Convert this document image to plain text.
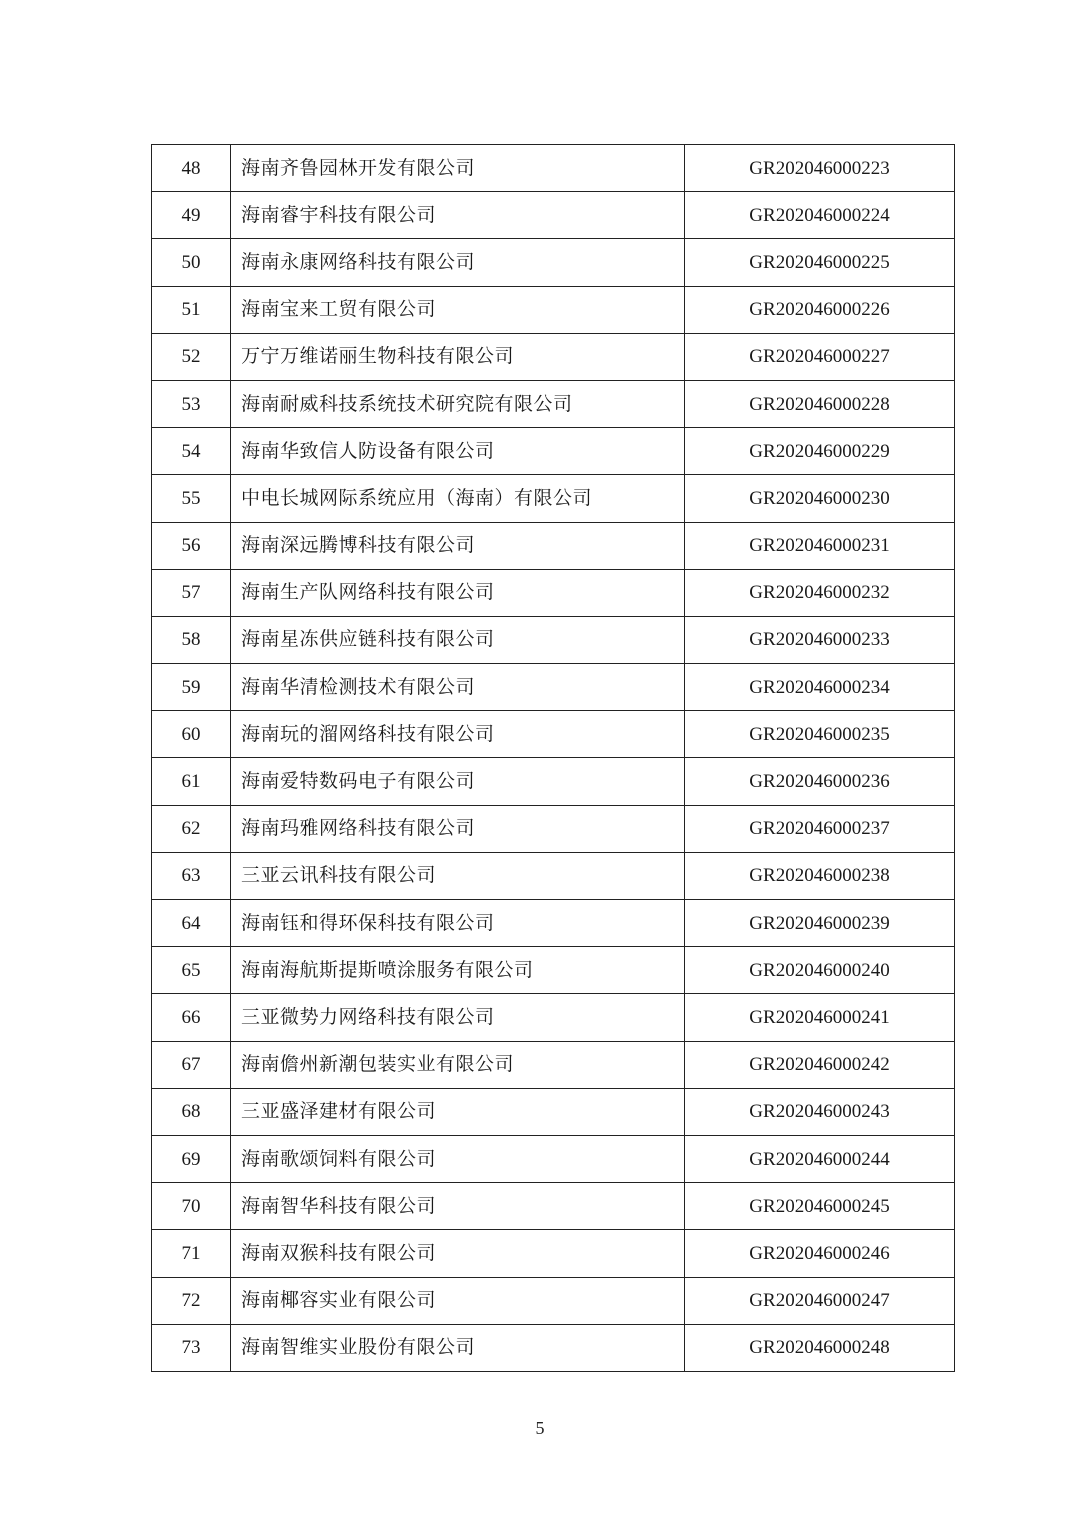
48	海南齐鲁园林开发有限公司	GR202046000223
49	海南睿宇科技有限公司	GR202046000224
50	海南永康网络科技有限公司	GR202046000225
51	海南宝来工贸有限公司	GR202046000226
52	万宁万维诺丽生物科技有限公司	GR202046000227
53	海南耐威科技系统技术研究院有限公司	GR202046000228
54	海南华致信人防设备有限公司	GR202046000229
55	中电长城网际系统应用（海南）有限公司	GR202046000230
56	海南深远腾博科技有限公司	GR202046000231
57	海南生产队网络科技有限公司	GR202046000232
58	海南星冻供应链科技有限公司	GR202046000233
59	海南华清检测技术有限公司	GR202046000234
60	海南玩的溜网络科技有限公司	GR202046000235
61	海南爱特数码电子有限公司	GR202046000236
62	海南玛雅网络科技有限公司	GR202046000237
63	三亚云讯科技有限公司	GR202046000238
64	海南钰和得环保科技有限公司	GR202046000239
65	海南海航斯提斯喷涂服务有限公司	GR202046000240
66	三亚微势力网络科技有限公司	GR202046000241
67	海南儋州新潮包装实业有限公司	GR202046000242
68	三亚盛泽建材有限公司	GR202046000243
69	海南歌颂饲料有限公司	GR202046000244
70	海南智华科技有限公司	GR202046000245
71	海南双猴科技有限公司	GR202046000246
72	海南椰容实业有限公司	GR202046000247
73	海南智维实业股份有限公司	GR202046000248
5
